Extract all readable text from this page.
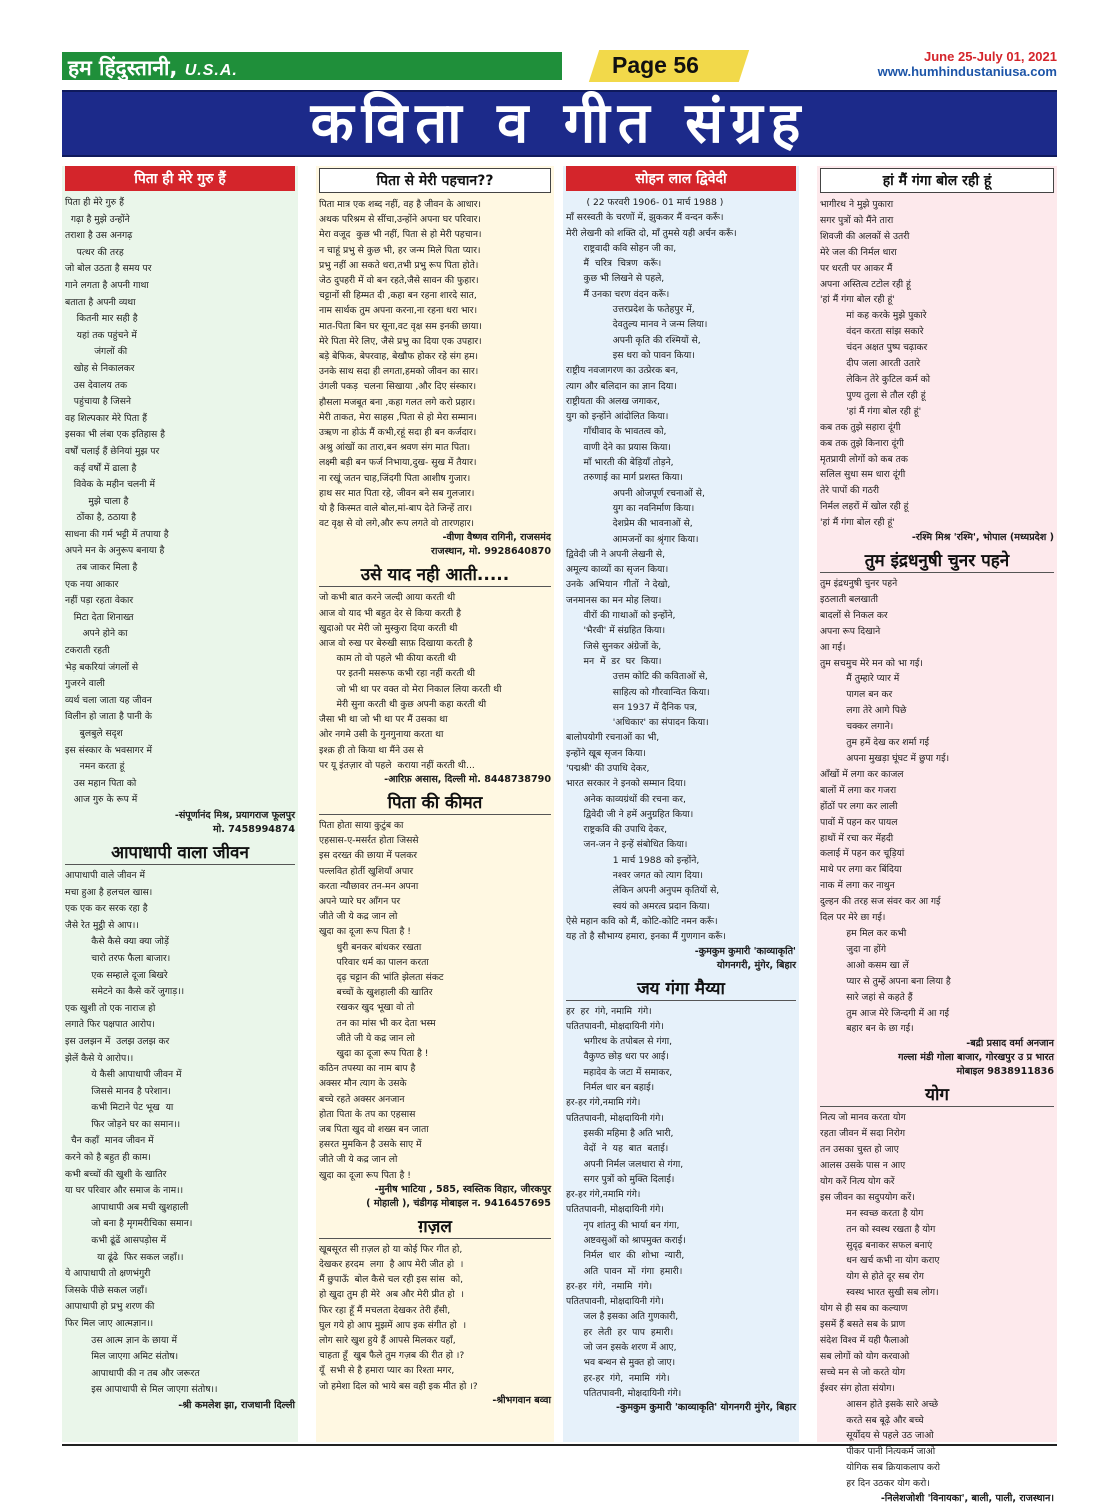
हम हिंदुस्तानी, U.S.A.	Page 56	June 25-July 01, 2021
www.humhindustaniusa.com
कविता व गीत संग्रह
पिता ही मेरे गुरु हैं
पिता ही मेरे गुरु हैं
गढ़ा है मुझे उन्होंने
तराशा है उस अनगढ़
पत्थर की तरह
जो बोल उठता है समय पर
गाने लगता है अपनी गाथा
बताता है अपनी व्यथा
कितनी मार सही है
यहां तक पहुंचने में
जंगलों की
खोह से निकालकर
उस देवालय तक
पहुंचाया है जिसने
वह शिल्पकार मेरे पिता हैं
इसका भी लंबा एक इतिहास है
वर्षों चलाई हैं छेनियां मुझ पर
कई वर्षों में ढाला है
विवेक के महीन चलनी में
मुझे चाला है
ठोंका है, ठठाया है
साधना की गर्म भट्टी में तपाया है
अपने मन के अनुरूप बनाया है
तब जाकर मिला है
एक नया आकार
नहीं पड़ा रहता वेकार
मिटा देता शिनाख्त
अपने होने का
टकराती रहती
भेड़ बकरियां जंगलों से
गुजरने वाली
व्यर्थ चला जाता यह जीवन
विलीन हो जाता है पानी के
बुलबुले सदृश
इस संस्कार के भवसागर में
नमन करता हूं
उस महान पिता को
आज गुरु के रूप में
-संपूर्णानंद मिश्र, प्रयागराज फूलपुर
मो. 7458994874
आपाधापी वाला जीवन
आपाधापी वाले जीवन में
मचा हुआ है हलचल खास।
एक एक कर सरक रहा है
जैसे रेत मुट्ठी से आप।।
कैसे कैसे क्या क्या जोड़ें
चारो तरफ फैला बाजार।
एक सम्हाले दूजा बिखरे
समेटने का कैसे करें जुगाड़।।
एक खुशी तो एक नाराज हो
लगाते फिर पक्षपात आरोप।
इस उलझन में  उलझ उलझ कर
झेलें कैसे ये आरोप।।
ये कैसी आपाधापी जीवन में
जिससे मानव है परेशान।
कभी मिटाने पेट भूख  या
फिर जोड़ने घर का समान।।
चैन कहाँ  मानव जीवन में
करने को है बहुत ही काम।
कभी बच्चों की खुशी के खातिर
या घर परिवार और समाज के नाम।।
आपाधापी अब मची खुशहाली
जो बना है मृगमरीचिका समान।
कभी ढूंढें आसपड़ोस में
या ढूंढे  फिर सकल जहाँ।।
ये आपाधापी तो क्षणभंगुरी
जिसके पीछे सकल जहाँ।
आपाधापी हो प्रभु शरण की
फिर मिल जाए आत्मज्ञान।।
उस आत्म ज्ञान के छाया में
मिल जाएगा अमिट संतोष।
आपाधापी की न तब और जरूरत
इस आपाधापी से मिल जाएगा संतोष।।
-श्री कमलेश झा, राजधानी दिल्ली
पिता से मेरी पहचान??
पिता मात्र एक शब्द नहीं, वह है जीवन के आधार।
अथक परिश्रम से सींचा,उन्होंने अपना घर परिवार।
मेरा वजूद  कुछ भी नहीं, पिता से हो मेरी पहचान।
न चाहूं प्रभु से कुछ भी, हर जन्म मिले पिता प्यार।
प्रभु नहीं आ सकते धरा,तभी प्रभु रूप पिता होते।
जेठ दुपहरी में वो बन रहते,जैसे सावन की फुहार।
चट्टानों सी हिम्मत दी ,कहा बन रहना शारदे सात,
नाम सार्थक तुम अपना करना,ना रहना धरा भार।
मात-पिता बिन घर सूना,वट वृक्ष सम इनकी छाया।
मेरे पिता मेरे लिए, जैसे प्रभु का दिया एक उपहार।
बड़े बेफिक, बेपरवाह, बेखौफ होकर रहे संग हम।
उनके साथ सदा ही लगता,हमको जीवन का सार।
उंगली पकड़  चलना सिखाया ,और दिए संस्कार।
हौसला मजबूत बना ,कहा गलत लगे करो प्रहार।
मेरी ताकत, मेरा साहस ,पिता से हो मेरा सम्मान।
उऋण ना होऊं मैं कभी,रहूं सदा ही बन कर्जदार।
अश्रु आंखों का तारा,बन श्रवण संग मात पिता।
लक्ष्मी बड़ी बन फर्ज निभाया,दुख- सुख में तैयार।
ना रखूं जतन चाह,जिंदगी पिता आशीष गुजार।
हाथ सर मात पिता रहे, जीवन बने सब गुलजार।
यो है किस्मत वाले बोल,मां-बाप देते जिन्हें तार।
वट वृक्ष से वो लगे,और रूप लगते वो तारणहार।
-वीणा वैष्णव रागिनी, राजसमंद
राजस्थान, मो. 9928640870
उसे याद नही आती.....
जो कभी बात करने जल्दी आया करती थी
आज वो याद भी बहुत देर से किया करती है
खुदाओ पर मेरी जो मुस्कुरा दिया करती थी
आज वो रुख पर बेरुखी साफ़ दिखाया करती है
काम तो वो पहले भी कीया करती थी
पर इतनी मसरूफ कभी रहा नहीं करती थी
जो भी था पर वक्त वो मेरा निकाल लिया करती थी
मेरी सुना करती थी कुछ अपनी कहा करती थी
जैसा भी था जो भी था पर मैं उसका था
ओर नगमे उसी के गुनगुनाया करता था
इश्क़ ही तो किया था मैंने उस से
पर यू इंतज़ार वो पहले  कराया नहीं करती थी...
-आरिफ़ असास, दिल्ली मो. 8448738790
पिता की कीमत
पिता होता साया कुटुंब का
एहसास-ए-मसर्रत होता जिससे
इस दरख्त की छाया में पलकर
पल्लवित होतीं खुशियाँ अपार
करता न्यौछावर तन-मन अपना
अपने प्यारे घर आँगन पर
जीते जी ये कद्र जान लो
खुदा का दूजा रूप पिता है !
धुरी बनकर बांधकर रखता
परिवार धर्म का पालन करता
दृढ़ चट्टान की भांति झेलता संकट
बच्चों के खुशहाली की खातिर
रखकर खुद भूखा वो तो
तन का मांस भी कर देता भस्म
जीते जी ये कद्र जान लो
खुदा का दूजा रूप पिता है !
कठिन तपस्या का नाम बाप है
अक्सर मौन त्याग के उसके
बच्चे रहते अक्सर अनजान
होता पिता के तप का एहसास
जब पिता खुद वो शख्स बन जाता
हसरत मुमकिन है उसके साए में
जीते जी ये कद्र जान लो
खुदा का दूजा रूप पिता है !
-मुनीष भाटिया , 585, स्वस्तिक विहार, जीरकपुर
( मोहाली ), चंडीगढ़ मोबाइल न. 9416457695
ग़ज़ल
खूबसूरत सी ग़ज़ल हो या कोई फिर गीत हो,
देखकर हरदम  लगा  है आप मेरी जीत हो  ।
मैं छुपाऊँ  बोल कैसे चल रही इस सांस  को,
हो खुदा तुम ही मेरे  अब और मेरी प्रीत हो  ।
फिर रहा हूँ मैं मचलता देखकर तेरी हँसी,
घुल गये हो आप मुझमें आप इक संगीत हो  ।
लोग सारे खुश हुये हैं आपसे मिलकर यहाँ,
चाहता हूँ  खुब फैले तुम गज़ब की रीत हो ।?
यूँ  सभी से है हमारा प्यार का रिश्ता मगर,
जो हमेशा दिल को भाये बस वही इक मीत हो ।?
-श्रीभगवान बव्वा
सोहन लाल द्विवेदी
( 22 फरवरी 1906- 01 मार्च 1988 )
माँ सरस्वती के चरणों में, झुककर मैं वन्दन करूँ।
मेरी लेखनी को शक्ति दो, माँ तुमसे यही अर्चन करूँ।
राष्ट्रवादी कवि सोहन जी का,
मैं  चरित्र  चित्रण  करूँ।
कुछ भी लिखने से पहले,
मैं उनका चरण वंदन करूँ।
उत्तरप्रदेश के फतेहपुर में,
देवतुल्य मानव ने जन्म लिया।
अपनी कृति की रश्मियों से,
इस धरा को पावन किया।
राष्ट्रीय नवजागरण का उत्प्रेरक बन,
त्याग और बलिदान का ज्ञान दिया।
राष्ट्रीयता की अलख जगाकर,
युग को इन्होंने आंदोलित किया।
गाँधीवाद के भावतत्व को,
वाणी देने का प्रयास किया।
माँ भारती की बेड़ियाँ तोड़ने,
तरुणाई का मार्ग प्रशस्त किया।
अपनी ओजपूर्ण रचनाओं से,
युग का नवनिर्माण किया।
देशप्रेम की भावनाओं से,
आमजनों का श्रृंगार किया।
द्विवेदी जी ने अपनी लेखनी से,
अमूल्य काव्यों का सृजन किया।
उनके  अभियान  गीतों  ने देखो,
जनमानस का मन मोह लिया।
वीरों की गाथाओं को इन्होंने,
'भैरवी' में संग्रहित किया।
जिसे सुनकर अंग्रेजों के,
मन  में  डर  घर  किया।
उत्तम कोटि की कविताओं से,
साहित्य को गौरवान्वित किया।
सन 1937 में दैनिक पत्र,
'अधिकार' का संपादन किया।
बालोपयोगी रचनाओं का भी,
इन्होंने खूब सृजन किया।
'पद्मश्री' की उपाधि देकर,
भारत सरकार ने इनको सम्मान दिया।
अनेक काव्यग्रंथों की रचना कर,
द्विवेदी जी ने हमें अनुग्रहित किया।
राष्ट्रकवि की उपाधि देकर,
जन-जन ने इन्हें संबोधित किया।
1 मार्च 1988 को इन्होंने,
नश्वर जगत को त्याग दिया।
लेकिन अपनी अनुपम कृतियों से,
स्वयं को अमरत्व प्रदान किया।
ऐसे महान कवि को मैं, कोटि-कोटि नमन करूँ।
यह तो है सौभाग्य हमारा, इनका मैं गुणगान करूँ।
-कुमकुम कुमारी 'काव्याकृति'
योगनगरी, मुंगेर, बिहार
जय गंगा मैय्या
हर  हर  गंगे, नमामि  गंगे।
पतितपावनी, मोक्षदायिनी गंगे।
भगीरथ के तपोबल से गंगा,
वैकुण्ठ छोड़ धरा पर आई।
महादेव के जटा में समाकर,
निर्मल धार बन बहाई।
हर-हर गंगे,नमामि गंगे।
पतितपावनी, मोक्षदायिनी गंगे।
इसकी महिमा है अति भारी,
वेदों  ने  यह  बात  बताई।
अपनी निर्मल जलधारा से गंगा,
सगर पुत्रों को मुक्ति दिलाई।
हर-हर गंगे,नमामि गंगे।
पतितपावनी, मोक्षदायिनी गंगे।
नृप शांतनु की भार्या बन गंगा,
अष्टवसुओं को श्रापमुक्त कराई।
निर्मल  धार  की  शोभा  न्यारी,
अति  पावन  मों  गंगा  हमारी।
हर-हर  गंगे,  नमामि  गंगे।
पतितपावनी, मोक्षदायिनी गंगे।
जल है इसका अति गुणकारी,
हर  लेती  हर  पाप  हमारी।
जो जन इसके शरण में आए,
भव बन्धन से मुक्त हो जाए।
हर-हर  गंगे,  नमामि  गंगे।
पतितपावनी, मोक्षदायिनी गंगे।
-कुमकुम कुमारी 'काव्याकृति' योगनगरी मुंगेर, बिहार
हां मैं गंगा बोल रही हूं
भागीरथ ने मुझे पुकारा
सगर पुत्रों को मैंने तारा
शिवजी की अलकों से उतरी
मेरे जल की निर्मल धारा
पर धरती पर आकर मैं
अपना अस्तित्व टटोल रही हूं
'हां मैं गंगा बोल रही हूं'
मां कह करके मुझे पुकारे
वंदन करता सांझ सकारे
चंदन अक्षत पुष्प चढ़ाकर
दीप जला आरती उतारे
लेकिन तेरे कुटिल कर्म को
पुण्य तुला से तौल रही हूं
'हां मैं गंगा बोल रही हूं'
कब तक तुझे सहारा दूंगी
कब तक तुझे किनारा दूंगी
मृतप्रायी लोगों को कब तक
सलिल सुधा सम धारा दूंगी
तेरे पापों की गठरी
निर्मल लहरों में खोल रही हूं
'हां मैं गंगा बोल रही हूं'
-रश्मि मिश्र 'रश्मि', भोपाल (मध्यप्रदेश )
तुम इंद्रधनुषी चुनर पहने
तुम इंद्रधनुषी चुनर पहने
इठलाती बलखाती
बादलों से निकल कर
अपना रूप दिखाने
आ गई।
तुम सचमुच मेरे मन को भा गई।
मैं तुम्हारे प्यार में
पागल बन कर
लगा तेरे आगे पिछे
चक्कर लगाने।
तुम हमें देख कर शर्मा गई
अपना मुखड़ा घूंघट में छुपा गई।
आँखों में लगा कर काजल
बालों में लगा कर गजरा
होंठों पर लगा कर लाली
पावों में पहन कर पायल
हाथों में रचा कर मेंहदी
कलाई में पहन कर चूड़ियां
माथे पर लगा कर बिंदिया
नाक में लगा कर नाथुन
दुल्हन की तरह सज संवर कर आ गई
दिल पर मेरे छा गई।
हम मिल कर कभी
जुदा ना होंगे
आओ कसम खा लें
प्यार से तुम्हें अपना बना लिया है
सारे जहां से कहते हैं
तुम आज मेरे जिन्दगी में आ गई
बहार बन के छा गई।
-बद्री प्रसाद वर्मा अनजान
गल्ला मंडी गोला बाजार, गोरखपुर उ प्र भारत
मोबाइल 9838911836
योग
नित्य जो मानव करता योग
रहता जीवन में सदा निरोग
तन उसका चुस्त हो जाए
आलस उसके पास न आए
योग करें नित्य योग करें
इस जीवन का सदुपयोग करें।
मन स्वच्छ करता है योग
तन को स्वस्थ रखता है योग
सुदृढ़ बनाकर सफल बनाएं
धन खर्च कभी ना योग कराए
योग से होते दूर सब रोग
स्वस्थ भारत सुखी सब लोग।
योग से ही सब का कल्याण
इसमें हैं बसते सब के प्राण
संदेश विश्व में यही फैलाओ
सब लोगों को योग करवाओ
सच्चे मन से जो करते योग
ईश्वर संग होता संयोग।
आसन होते इसके सारे अच्छे
करते सब बूढ़े और बच्चे
सूर्योदय से पहले उठ जाओ
पीकर पानी नित्यकर्म जाओ
योगिक सब क्रियाकलाप करो
हर दिन उठकर योग करो।
-निलेशजोशी 'विनायका', बाली, पाली, राजस्थान।
